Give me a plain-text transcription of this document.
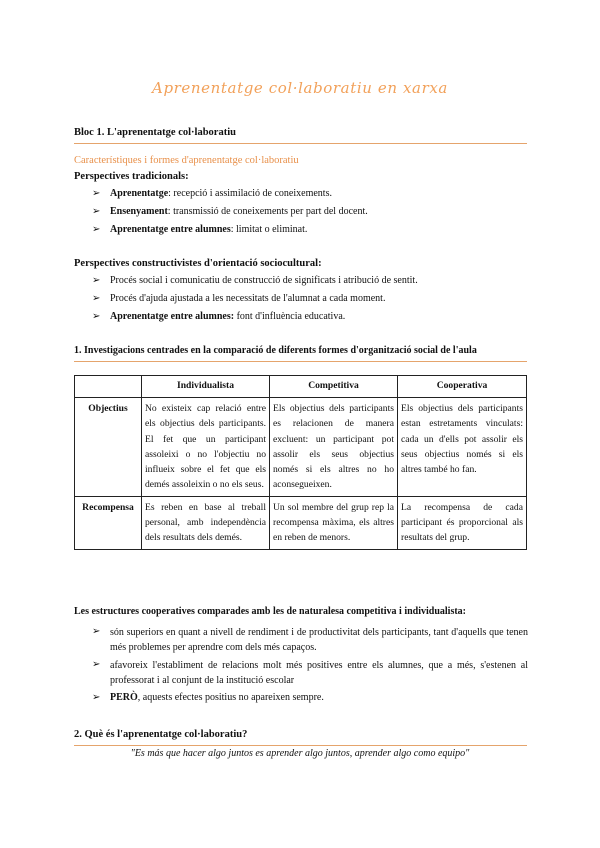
Aprenentatge col·laboratiu en xarxa
Bloc 1. L'aprenentatge col·laboratiu
Característiques i formes d'aprenentatge col·laboratiu
Perspectives tradicionals:
➢ Aprenentatge: recepció i assimilació de coneixements.
➢ Ensenyament: transmissió de coneixements per part del docent.
➢ Aprenentatge entre alumnes: limitat o eliminat.
Perspectives constructivistes d'orientació sociocultural:
➢ Procés social i comunicatiu de construcció de significats i atribució de sentit.
➢ Procés d'ajuda ajustada a les necessitats de l'alumnat a cada moment.
➢ Aprenentatge entre alumnes: font d'influència educativa.
1. Investigacions centrades en la comparació de diferents formes d'organització social de l'aula
	Individualista	Competitiva	Cooperativa
Objectius	No existeix cap relació entre els objectius dels participants. El fet que un participant assoleixi o no l'objectiu no influeix sobre el fet que els demés assoleixin o no els seus.	Els objectius dels participants es relacionen de manera excluent: un participant pot assolir els seus objectius només si els altres no ho aconsegueixen.	Els objectius dels participants estan estretaments vinculats: cada un d'ells pot assolir els seus objectius només si els altres també ho fan.
Recompensa	Es reben en base al treball personal, amb independència dels resultats dels demés.	Un sol membre del grup rep la recompensa màxima, els altres en reben de menors.	La recompensa de cada participant és proporcional als resultats del grup.
Les estructures cooperatives comparades amb les de naturalesa competitiva i individualista:
➢ són superiors en quant a nivell de rendiment i de productivitat dels participants, tant d'aquells que tenen més problemes per aprendre com dels més capaços.
➢ afavoreix l'establiment de relacions molt més positives entre els alumnes, que a més, s'estenen al professorat i al conjunt de la institució escolar
➢ PERÒ, aquests efectes positius no apareixen sempre.
2. Què és l'aprenentatge col·laboratiu?
"Es más que hacer algo juntos es aprender algo juntos, aprender algo como equipo"
